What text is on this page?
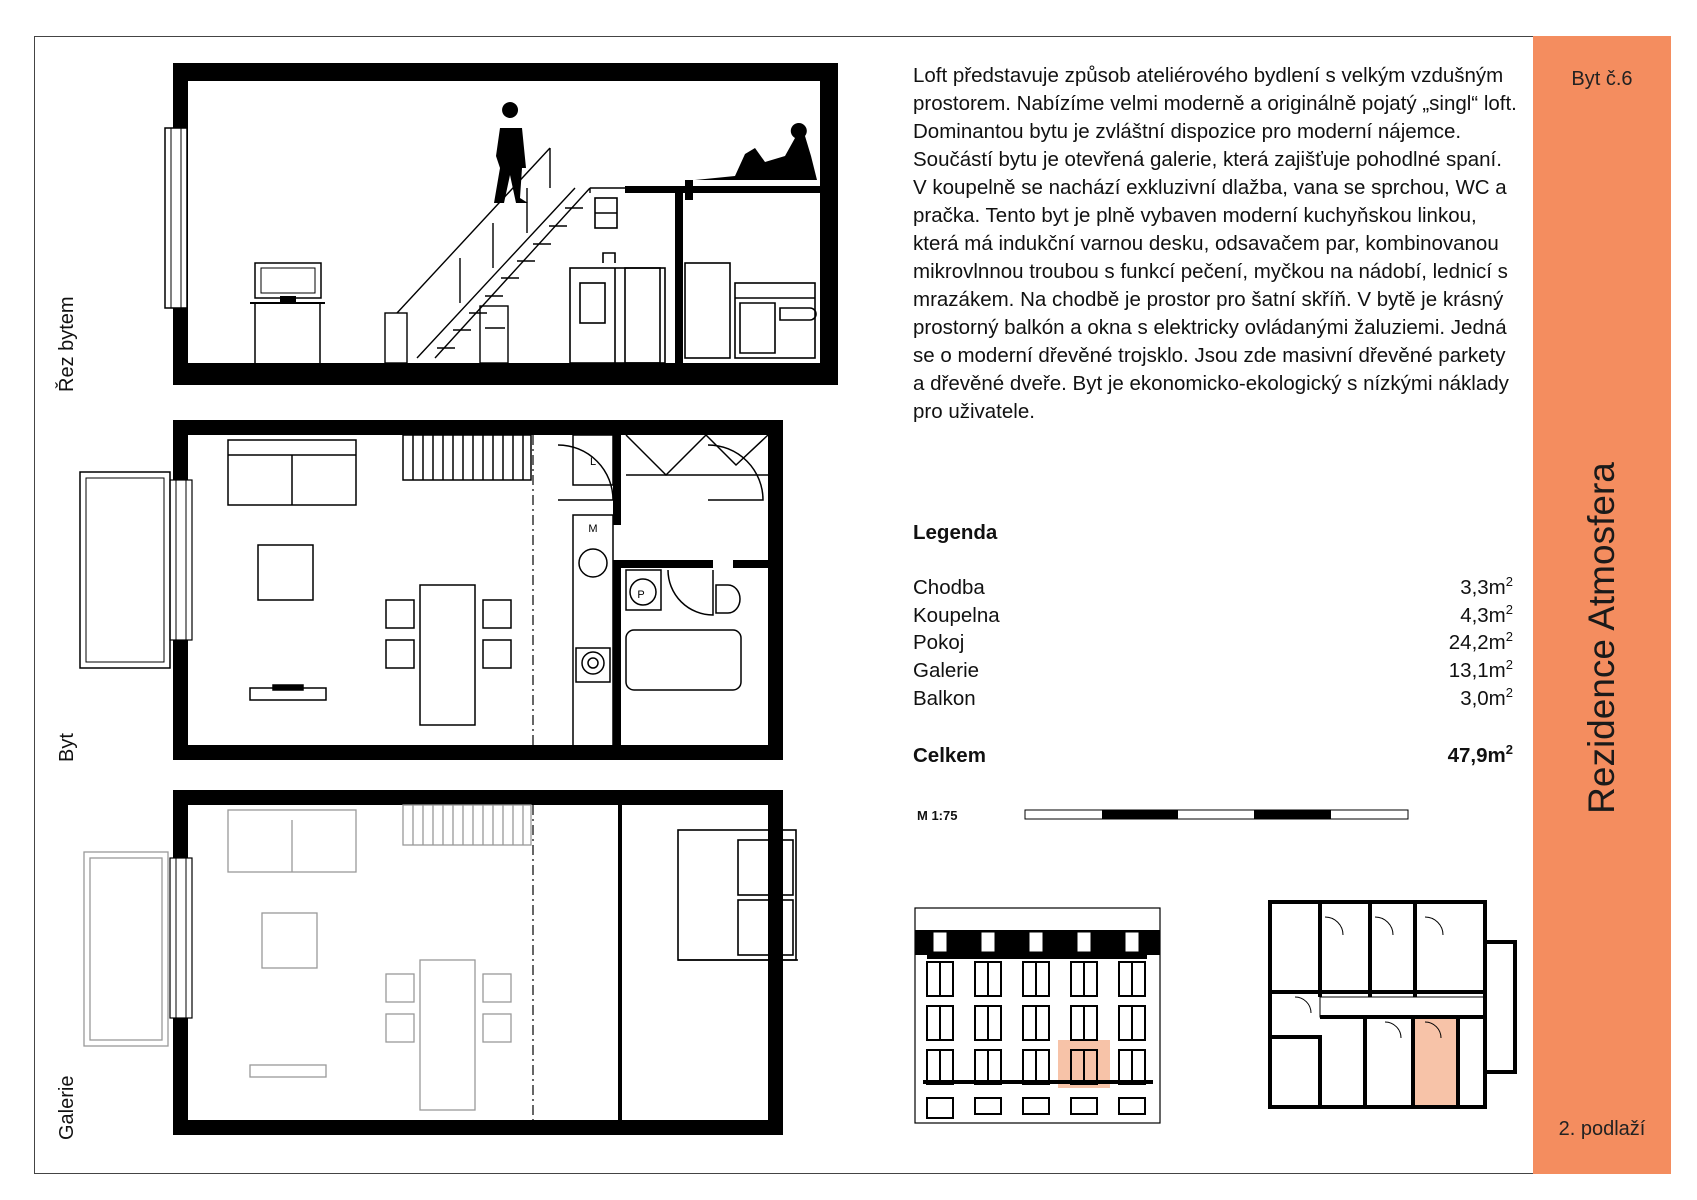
Byt č.6
Rezidence Atmosfera
2. podlaží
Řez bytem
Byt
Galerie
L
M
P
Loft představuje způsob ateliérového bydlení s velkým vzdušným prostorem. Nabízíme velmi moderně a originálně pojatý „singl“ loft. Dominantou bytu je zvláštní dispozice pro moderní nájemce. Součástí bytu je otevřená galerie, která zajišťuje pohodlné spaní. V koupelně se nachází exkluzivní dlažba, vana se sprchou, WC a pračka. Tento byt je plně vybaven moderní kuchyňskou linkou, která má indukční varnou desku, odsavačem par, kombinovanou mikrovlnnou troubou s funkcí pečení, myčkou na nádobí, lednicí s mrazákem. Na chodbě je prostor pro šatní skříň. V bytě je krásný prostorný balkón a okna s elektricky ovládanými žaluziemi. Jedná se o moderní dřevěné trojsklo. Jsou zde masivní dřevěné parkety a dřevěné dveře. Byt je ekonomicko-ekologický s nízkými náklady pro uživatele.
Legenda
Chodba	$3,3m^2$
Koupelna	$4,3m^2$
Pokoj	$24,2m^2$
Galerie	$13,1m^2$
Balkon	$3,0m^2$
Celkem	$47,9m^2$
M 1:75
